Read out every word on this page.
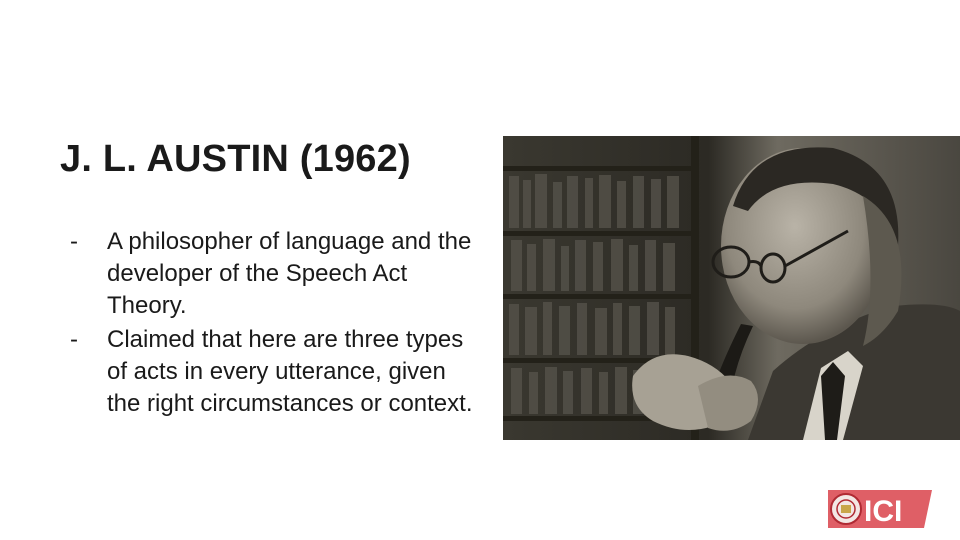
J. L. AUSTIN (1962)
- A philosopher of language and the developer of the Speech Act Theory.
- Claimed that here are three types of acts in every utterance, given the right circumstances or context.
ICI
